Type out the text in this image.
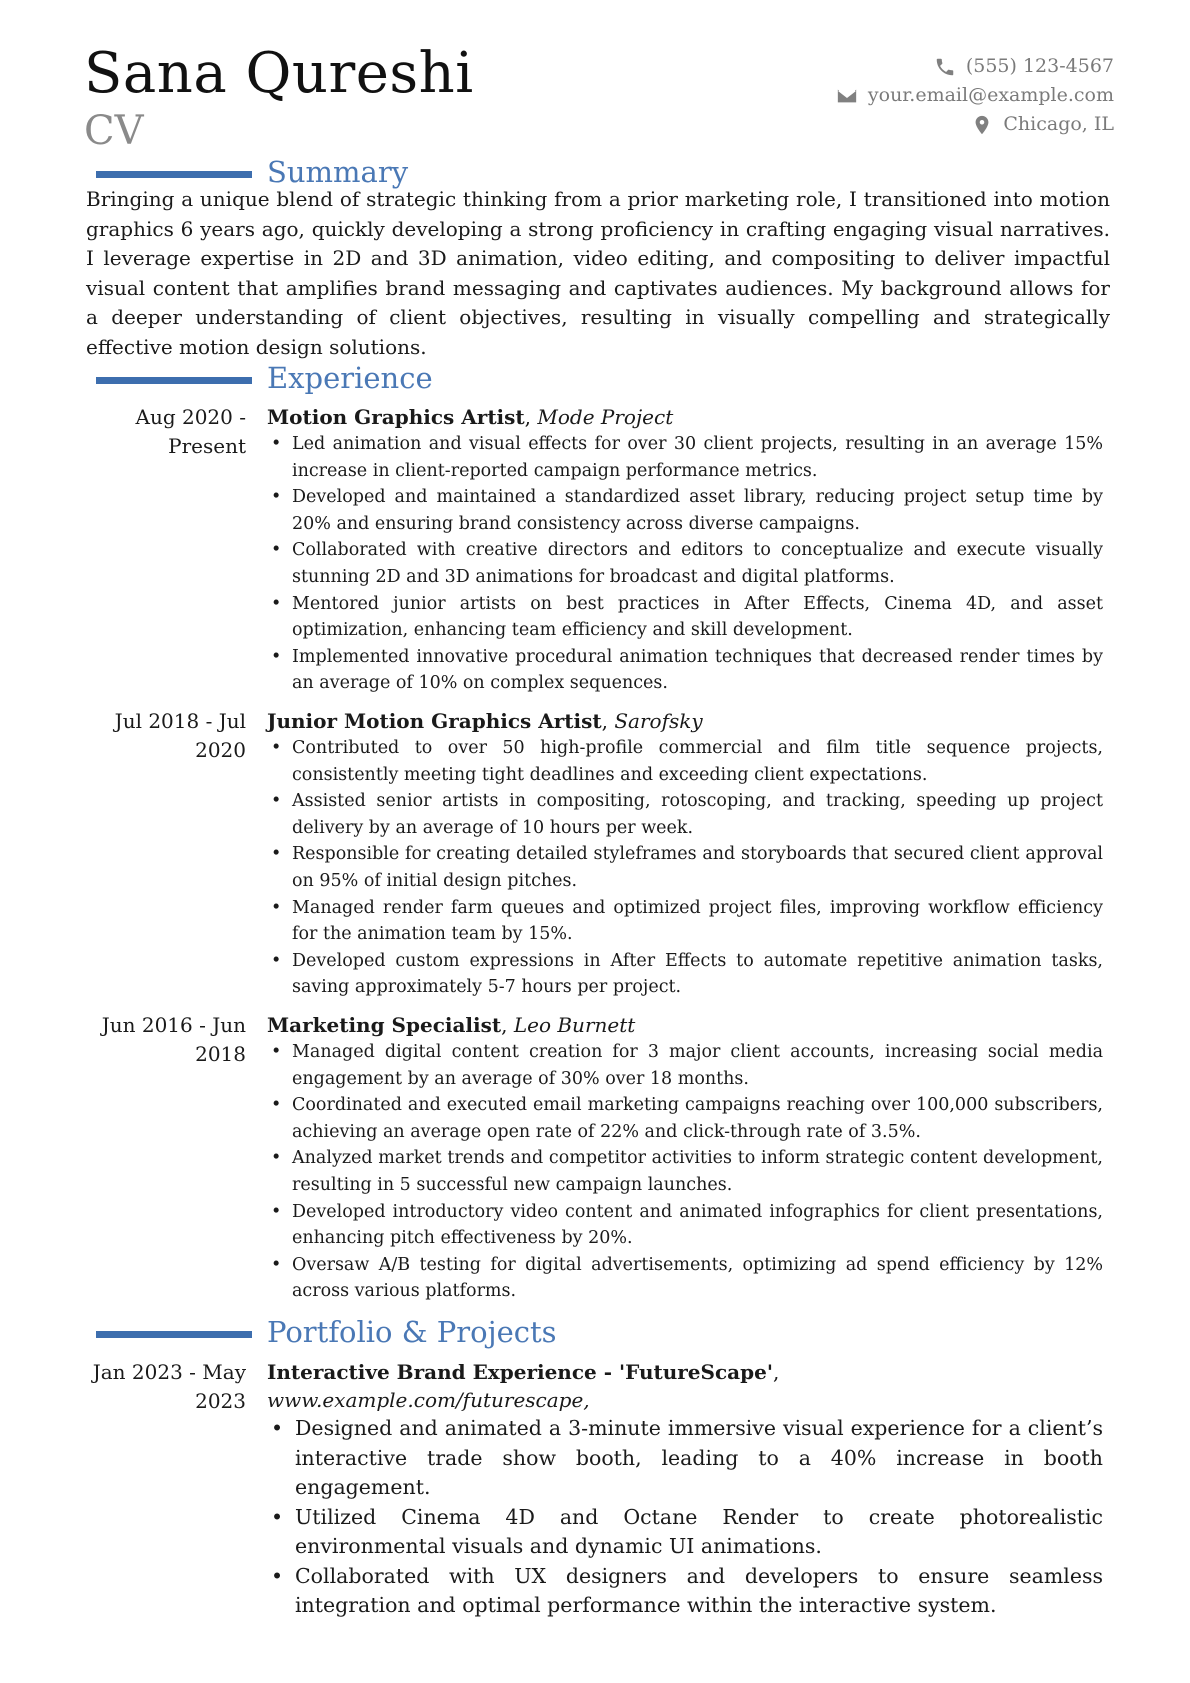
Sana Qureshi
CV
(555) 123-4567
your.email@example.com
Chicago, IL
Summary
Bringing a unique blend of strategic thinking from a prior marketing role, I transitioned into motion graphics 6 years ago, quickly developing a strong proficiency in crafting engaging visual narratives. I leverage expertise in 2D and 3D animation, video editing, and compositing to deliver impactful visual content that amplifies brand messaging and captivates audiences. My background allows for a deeper understanding of client objectives, resulting in visually compelling and strategically effective motion design solutions.
Experience
Aug 2020 - Present
Motion Graphics Artist, Mode Project
• Led animation and visual effects for over 30 client projects, resulting in an average 15% increase in client-reported campaign performance metrics.
• Developed and maintained a standardized asset library, reducing project setup time by 20% and ensuring brand consistency across diverse campaigns.
• Collaborated with creative directors and editors to conceptualize and execute visually stunning 2D and 3D animations for broadcast and digital platforms.
• Mentored junior artists on best practices in After Effects, Cinema 4D, and asset optimization, enhancing team efficiency and skill development.
• Implemented innovative procedural animation techniques that decreased render times by an average of 10% on complex sequences.
Jul 2018 - Jul 2020
Junior Motion Graphics Artist, Sarofsky
• Contributed to over 50 high-profile commercial and film title sequence projects, consistently meeting tight deadlines and exceeding client expectations.
• Assisted senior artists in compositing, rotoscoping, and tracking, speeding up project delivery by an average of 10 hours per week.
• Responsible for creating detailed styleframes and storyboards that secured client approval on 95% of initial design pitches.
• Managed render farm queues and optimized project files, improving workflow efficiency for the animation team by 15%.
• Developed custom expressions in After Effects to automate repetitive animation tasks, saving approximately 5-7 hours per project.
Jun 2016 - Jun 2018
Marketing Specialist, Leo Burnett
• Managed digital content creation for 3 major client accounts, increasing social media engagement by an average of 30% over 18 months.
• Coordinated and executed email marketing campaigns reaching over 100,000 subscribers, achieving an average open rate of 22% and click-through rate of 3.5%.
• Analyzed market trends and competitor activities to inform strategic content development, resulting in 5 successful new campaign launches.
• Developed introductory video content and animated infographics for client presentations, enhancing pitch effectiveness by 20%.
• Oversaw A/B testing for digital advertisements, optimizing ad spend efficiency by 12% across various platforms.
Portfolio & Projects
Jan 2023 - May 2023
Interactive Brand Experience - 'FutureScape', www.example.com/futurescape,
• Designed and animated a 3-minute immersive visual experience for a client’s interactive trade show booth, leading to a 40% increase in booth engagement.
• Utilized Cinema 4D and Octane Render to create photorealistic environmental visuals and dynamic UI animations.
• Collaborated with UX designers and developers to ensure seamless integration and optimal performance within the interactive system.
